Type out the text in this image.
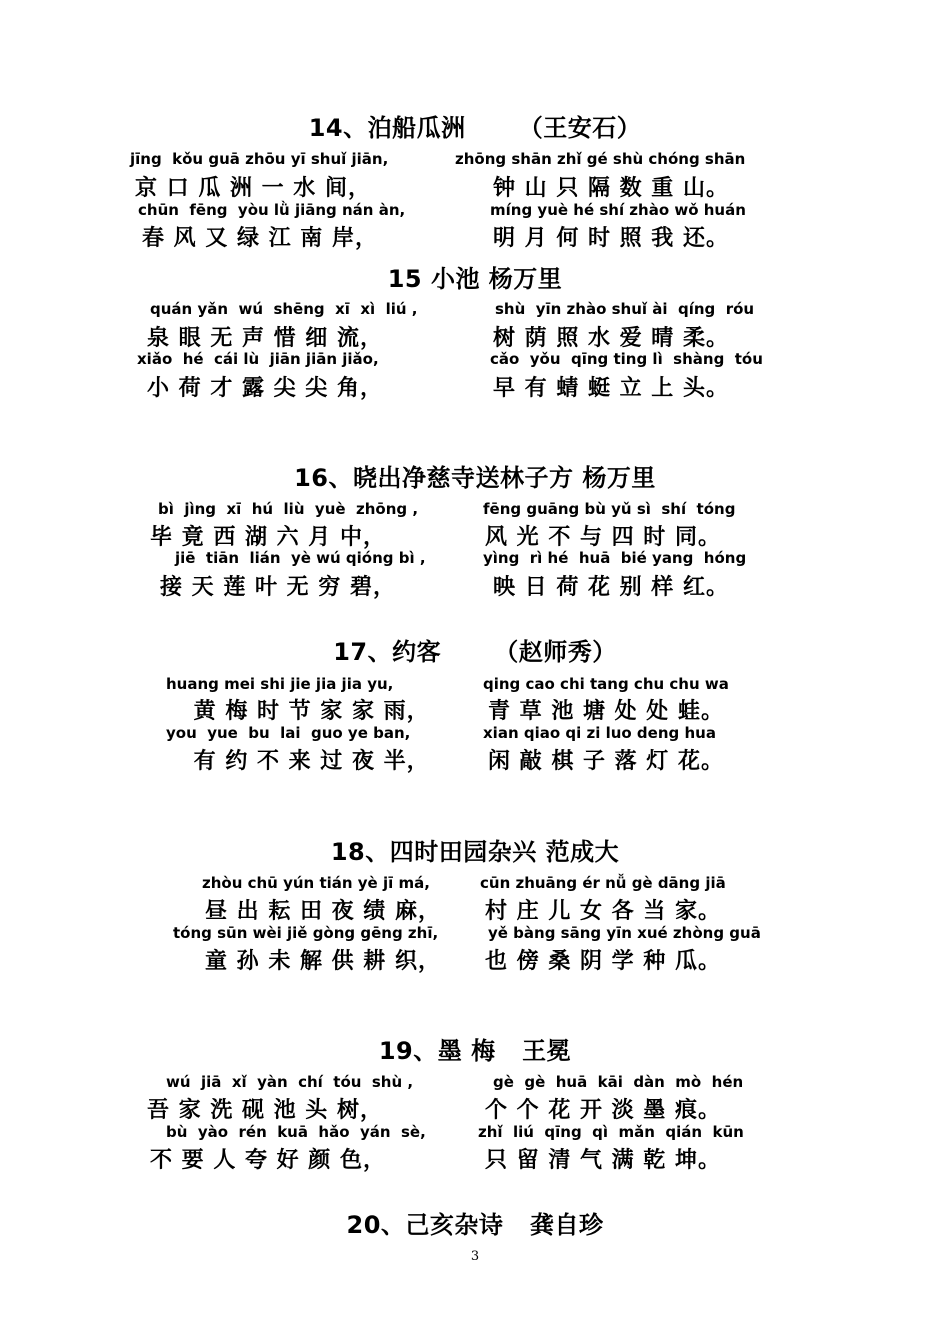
14、泊船瓜洲      （王安石）
jīng  kǒu guā zhōu yī shuǐ jiān,	zhōng shān zhǐ gé shù chóng shān
京 口 瓜 洲 一 水 间，	钟 山 只 隔 数 重 山。
chūn  fēng  yòu lǜ jiāng nán àn,	míng yuè hé shí zhào wǒ huán
春 风 又 绿 江 南 岸，	明 月 何 时 照 我 还。
15 小池 杨万里
quán yǎn  wú  shēng  xī  xì  liú ,	shù  yīn zhào shuǐ ài  qíng  róu
泉 眼 无 声 惜 细 流，	树 荫 照 水 爱 晴 柔。
xiǎo  hé  cái lù  jiān jiān jiǎo,	cǎo  yǒu  qīng ting lì  shàng  tóu
小 荷 才 露 尖 尖 角，	早 有 蜻 蜓 立 上 头。
16、晓出净慈寺送林子方 杨万里
bì  jìng  xī  hú  liù  yuè  zhōng ,	fēng guāng bù yǔ sì  shí  tóng
毕 竟 西 湖 六 月 中，	风 光 不 与 四 时 同。
jiē  tiān  lián  yè wú qióng bì ,	yìng  rì hé  huā  bié yang  hóng
接 天 莲 叶 无 穷 碧，	映 日 荷 花 别 样 红。
17、约客      （赵师秀）
huang mei shi jie jia jia yu,	qing cao chi tang chu chu wa
黄 梅 时 节 家 家 雨，	青 草 池 塘 处 处 蛙。
you  yue  bu  lai  guo ye ban,	xian qiao qi zi luo deng hua
有 约 不 来 过 夜 半，	闲 敲 棋 子 落 灯 花。
18、四时田园杂兴 范成大
zhòu chū yún tián yè jī má,	cūn zhuāng ér nǚ gè dāng jiā
昼 出 耘 田 夜 绩 麻， 村 庄 儿 女 各 当 家。
tóng sūn wèi jiě gòng gēng zhī,	yě bàng sāng yīn xué zhòng guā
童 孙 未 解 供 耕 织， 也 傍 桑 阴 学 种 瓜。
19、墨 梅   王冕
wú  jiā  xǐ  yàn  chí  tóu  shù ,	gè  gè  huā  kāi  dàn  mò  hén
吾 家 洗 砚 池 头 树，	个 个 花 开 淡 墨 痕。
bù  yào  rén  kuā  hǎo  yán  sè,	zhǐ  liú  qīng  qì  mǎn  qián  kūn
不 要 人 夸 好 颜 色，	只 留 清 气 满 乾 坤。
20、己亥杂诗   龚自珍
3
